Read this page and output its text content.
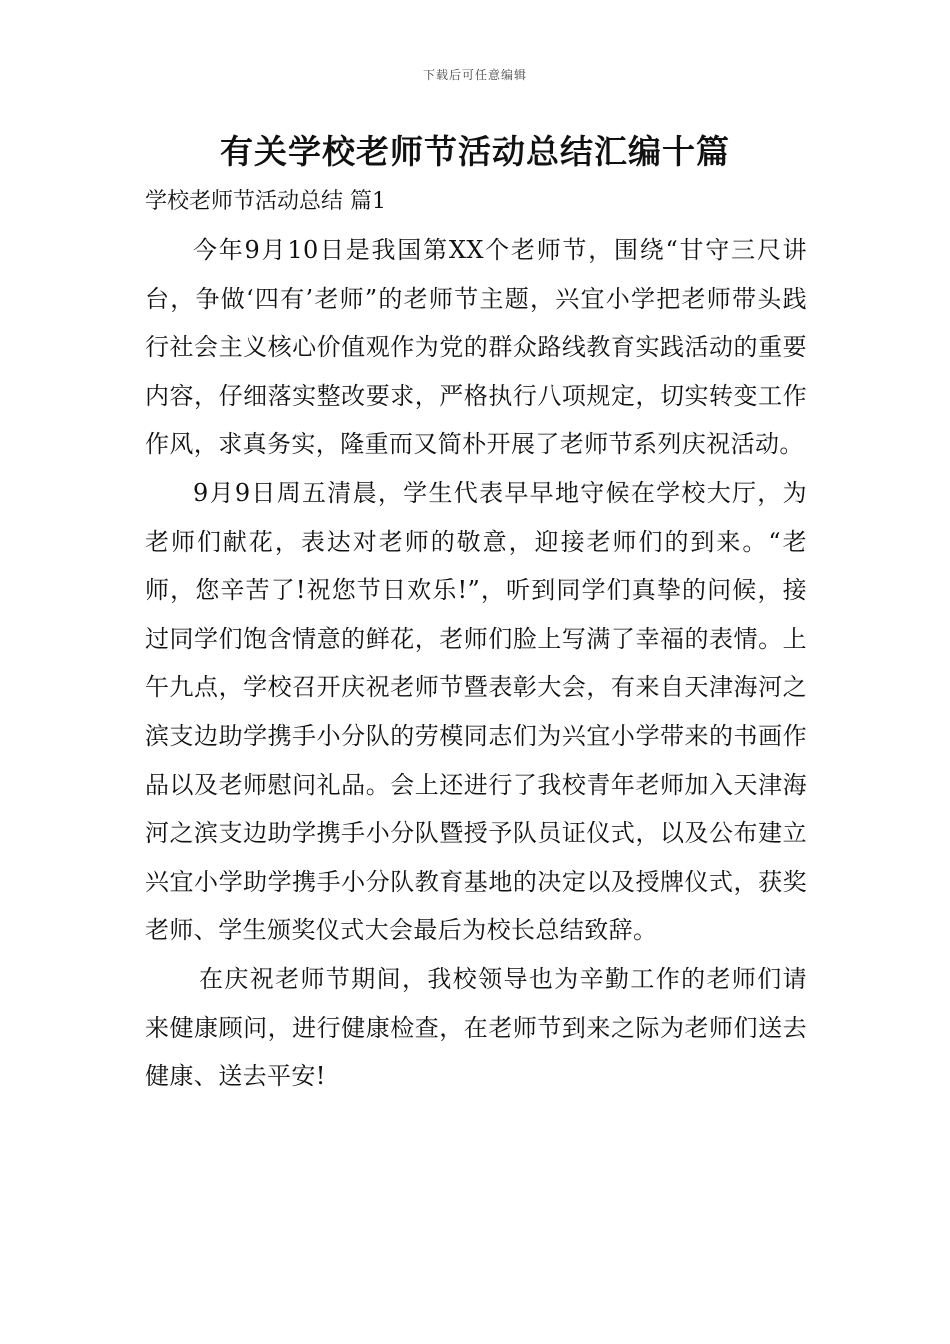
下载后可任意编辑
有关学校老师节活动总结汇编十篇
学校老师节活动总结 篇1

今年9月10日是我国第XX个老师节，围绕“甘守三尺讲台，争做‘四有’老师”的老师节主题，兴宜小学把老师带头践行社会主义核心价值观作为党的群众路线教育实践活动的重要内容，仔细落实整改要求，严格执行八项规定，切实转变工作作风，求真务实，隆重而又简朴开展了老师节系列庆祝活动。

9月9日周五清晨，学生代表早早地守候在学校大厅，为老师们献花，表达对老师的敬意，迎接老师们的到来。“老师，您辛苦了!祝您节日欢乐!”，听到同学们真挚的问候，接过同学们饱含情意的鲜花，老师们脸上写满了幸福的表情。上午九点，学校召开庆祝老师节暨表彰大会，有来自天津海河之滨支边助学携手小分队的劳模同志们为兴宜小学带来的书画作品以及老师慰问礼品。会上还进行了我校青年老师加入天津海河之滨支边助学携手小分队暨授予队员证仪式，以及公布建立兴宜小学助学携手小分队教育基地的决定以及授牌仪式，获奖老师、学生颁奖仪式大会最后为校长总结致辞。

在庆祝老师节期间，我校领导也为辛勤工作的老师们请来健康顾问，进行健康检查，在老师节到来之际为老师们送去健康、送去平安!
